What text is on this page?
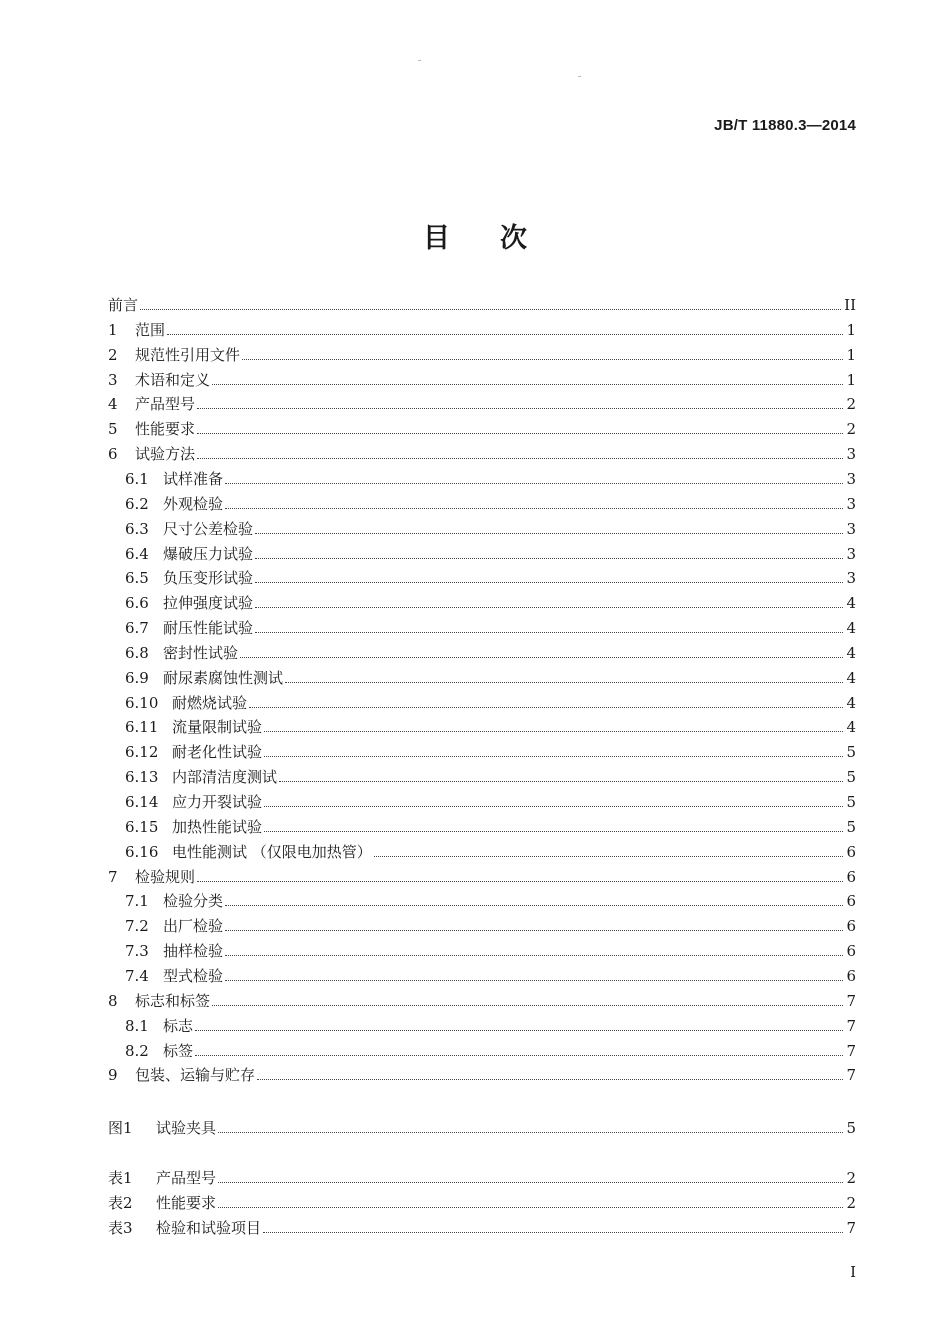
JB/T 11880.3—2014
目次
前言	II
1	范围	1
2	规范性引用文件	1
3	术语和定义	1
4	产品型号	2
5	性能要求	2
6	试验方法	3
6.1 试样准备	3
6.2 外观检验	3
6.3 尺寸公差检验	3
6.4 爆破压力试验	3
6.5 负压变形试验	3
6.6 拉伸强度试验	4
6.7 耐压性能试验	4
6.8 密封性试验	4
6.9 耐尿素腐蚀性测试	4
6.10 耐燃烧试验	4
6.11 流量限制试验	4
6.12 耐老化性试验	5
6.13 内部清洁度测试	5
6.14 应力开裂试验	5
6.15 加热性能试验	5
6.16 电性能测试 （仅限电加热管）	6
7	检验规则	6
7.1 检验分类	6
7.2 出厂检验	6
7.3 抽样检验	6
7.4 型式检验	6
8	标志和标签	7
8.1 标志	7
8.2 标签	7
9	包装、运输与贮存	7
图1	试验夹具	5
表1	产品型号	2
表2	性能要求	2
表3	检验和试验项目	7
I
